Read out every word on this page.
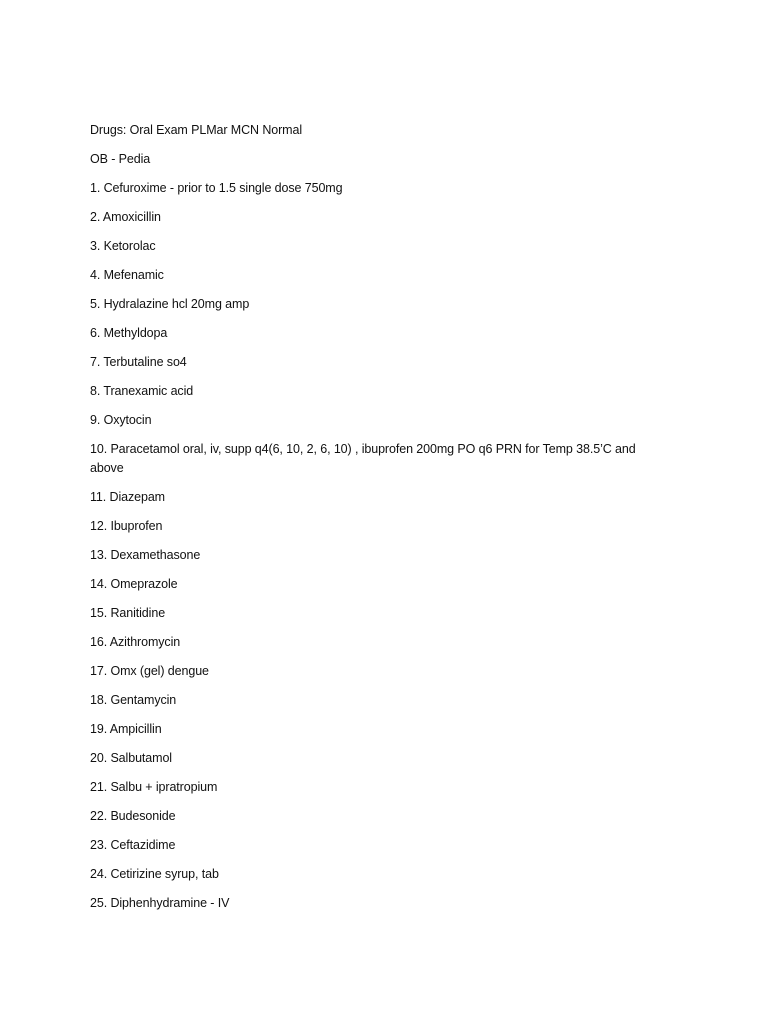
Drugs: Oral Exam PLMar MCN Normal
OB - Pedia
1. Cefuroxime - prior to 1.5 single dose 750mg
2. Amoxicillin
3. Ketorolac
4. Mefenamic
5. Hydralazine hcl 20mg amp
6. Methyldopa
7. Terbutaline so4
8. Tranexamic acid
9. Oxytocin
10. Paracetamol oral, iv, supp q4(6, 10, 2, 6, 10) , ibuprofen 200mg PO q6 PRN for Temp 38.5’C and above
11. Diazepam
12. Ibuprofen
13. Dexamethasone
14. Omeprazole
15. Ranitidine
16. Azithromycin
17. Omx (gel) dengue
18. Gentamycin
19. Ampicillin
20. Salbutamol
21. Salbu + ipratropium
22. Budesonide
23. Ceftazidime
24. Cetirizine syrup, tab
25. Diphenhydramine - IV
